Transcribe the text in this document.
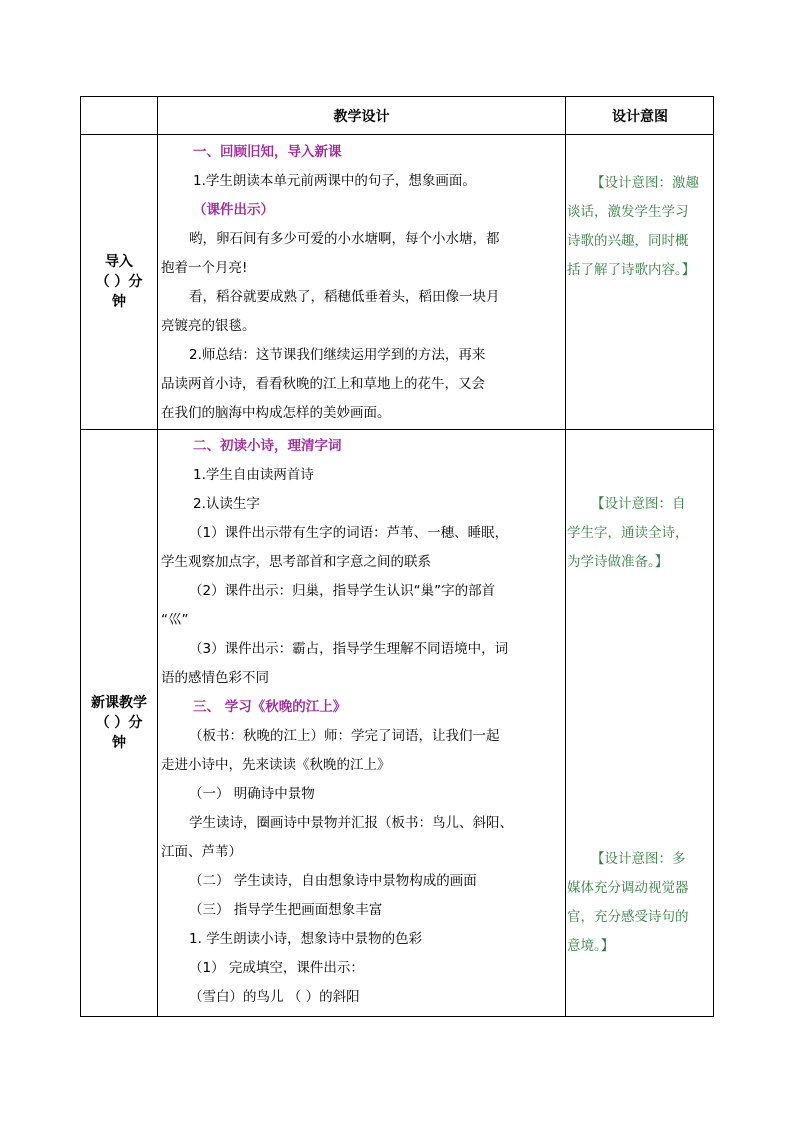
教学设计	设计意图
导入
（ ）分
钟
一、回顾旧知，导入新课
1.学生朗读本单元前两课中的句子，想象画面。
（课件出示）
哟，卵石间有多少可爱的小水塘啊，每个小水塘，都
抱着一个月亮!
看，稻谷就要成熟了，稻穗低垂着头，稻田像一块月
亮镀亮的银毯。
2.师总结：这节课我们继续运用学到的方法，再来
品读两首小诗，看看秋晚的江上和草地上的花牛，又会
在我们的脑海中构成怎样的美妙画面。
【设计意图：激趣
谈话，激发学生学习
诗歌的兴趣，同时概
括了解了诗歌内容。】
新课教学
（ ）分
钟
二、初读小诗，理清字词
1.学生自由读两首诗
2.认读生字
（1）课件出示带有生字的词语：芦苇、一穗、睡眠，
学生观察加点字，思考部首和字意之间的联系
（2）课件出示：归巢，指导学生认识“巢”字的部首
“巛”
（3）课件出示：霸占，指导学生理解不同语境中，词
语的感情色彩不同
三、 学习《秋晚的江上》
（板书：秋晚的江上）师：学完了词语，让我们一起
走进小诗中，先来读读《秋晚的江上》
（一） 明确诗中景物
学生读诗，圈画诗中景物并汇报（板书：鸟儿、斜阳、
江面、芦苇）
（二） 学生读诗，自由想象诗中景物构成的画面
（三） 指导学生把画面想象丰富
1. 学生朗读小诗，想象诗中景物的色彩
（1） 完成填空，课件出示：
（雪白）的鸟儿 （ ）的斜阳
【设计意图：自
学生字，通读全诗，
为学诗做准备。】
【设计意图：多
媒体充分调动视觉器
官，充分感受诗句的
意境。】
